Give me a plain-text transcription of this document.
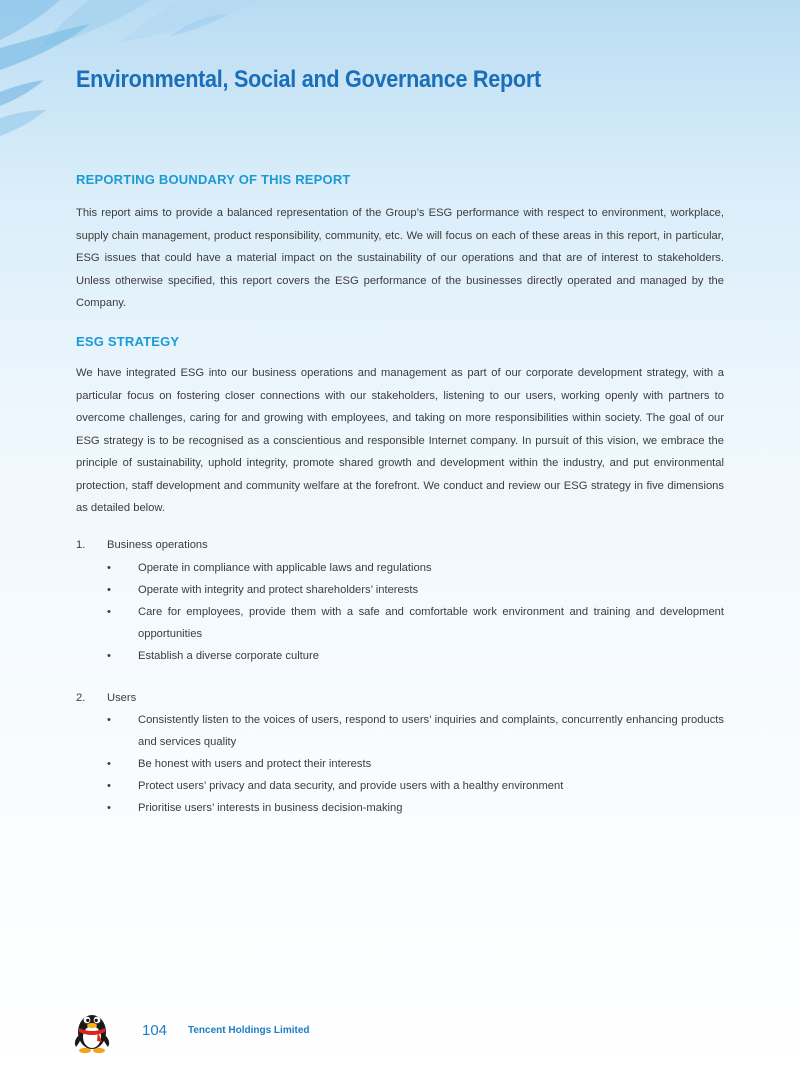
Environmental, Social and Governance Report
REPORTING BOUNDARY OF THIS REPORT

This report aims to provide a balanced representation of the Group’s ESG performance with respect to environment, workplace, supply chain management, product responsibility, community, etc. We will focus on each of these areas in this report, in particular, ESG issues that could have a material impact on the sustainability of our operations and that are of interest to stakeholders. Unless otherwise specified, this report covers the ESG performance of the businesses directly operated and managed by the Company.

ESG STRATEGY

We have integrated ESG into our business operations and management as part of our corporate development strategy, with a particular focus on fostering closer connections with our stakeholders, listening to our users, working openly with partners to overcome challenges, caring for and growing with employees, and taking on more responsibilities within society. The goal of our ESG strategy is to be recognised as a conscientious and responsible Internet company. In pursuit of this vision, we embrace the principle of sustainability, uphold integrity, promote shared growth and development within the industry, and put environmental protection, staff development and community welfare at the forefront. We conduct and review our ESG strategy in five dimensions as detailed below.

1.	Business operations
•	Operate in compliance with applicable laws and regulations
•	Operate with integrity and protect shareholders’ interests
•	Care for employees, provide them with a safe and comfortable work environment and training and development opportunities
•	Establish a diverse corporate culture
2.	Users
•	Consistently listen to the voices of users, respond to users’ inquiries and complaints, concurrently enhancing products and services quality
•	Be honest with users and protect their interests
•	Protect users’ privacy and data security, and provide users with a healthy environment
•	Prioritise users’ interests in business decision-making

104 Tencent Holdings Limited
